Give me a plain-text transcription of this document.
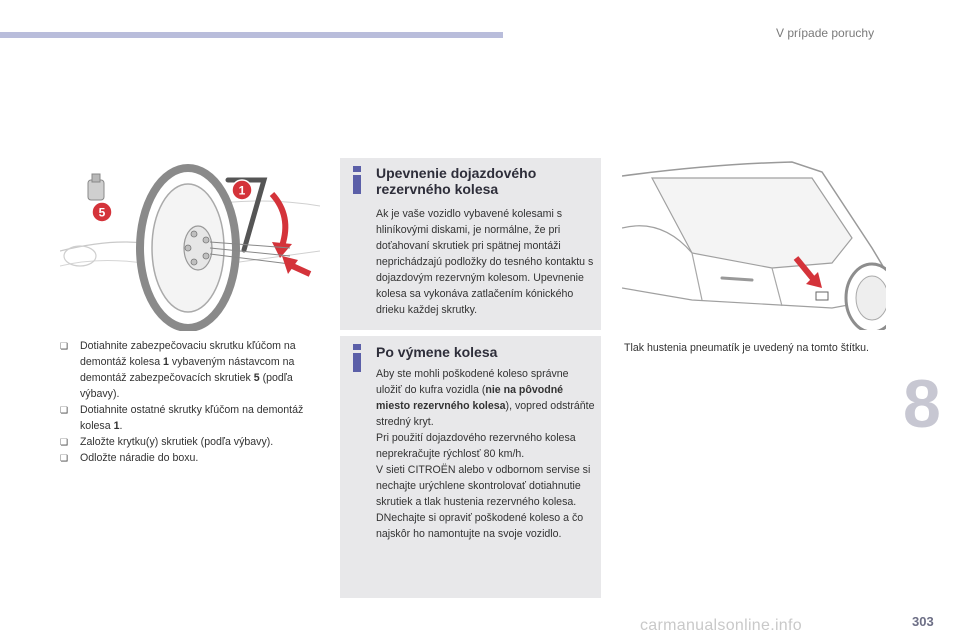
V prípade poruchy
8
303
carmanualsonline.info
1
5
❏ Dotiahnite zabezpečovaciu skrutku kľúčom na demontáž kolesa 1 vybaveným nástavcom na demontáž zabezpečovacích skrutiek 5 (podľa výbavy).
❏ Dotiahnite ostatné skrutky kľúčom na demontáž kolesa 1.
❏ Založte krytku(y) skrutiek (podľa výbavy).
❏ Odložte náradie do boxu.
Upevnenie dojazdového rezervného kolesa
Ak je vaše vozidlo vybavené kolesami s hliníkovými diskami, je normálne, že pri doťahovaní skrutiek pri spätnej montáži neprichádzajú podložky do tesného kontaktu s dojazdovým rezervným kolesom. Upevnenie kolesa sa vykonáva zatlačením kónického drieku každej skrutky.
Po výmene kolesa
Aby ste mohli poškodené koleso správne uložiť do kufra vozidla (nie na pôvodné miesto rezervného kolesa), vopred odstráňte stredný kryt.
Pri použití dojazdového rezervného kolesa neprekračujte rýchlosť 80 km/h.
V sieti CITROËN alebo v odbornom servise si nechajte urýchlene skontrolovať dotiahnutie skrutiek a tlak hustenia rezervného kolesa.
DNechajte si opraviť poškodené koleso a čo najskôr ho namontujte na svoje vozidlo.
Tlak hustenia pneumatík je uvedený na tomto štítku.
